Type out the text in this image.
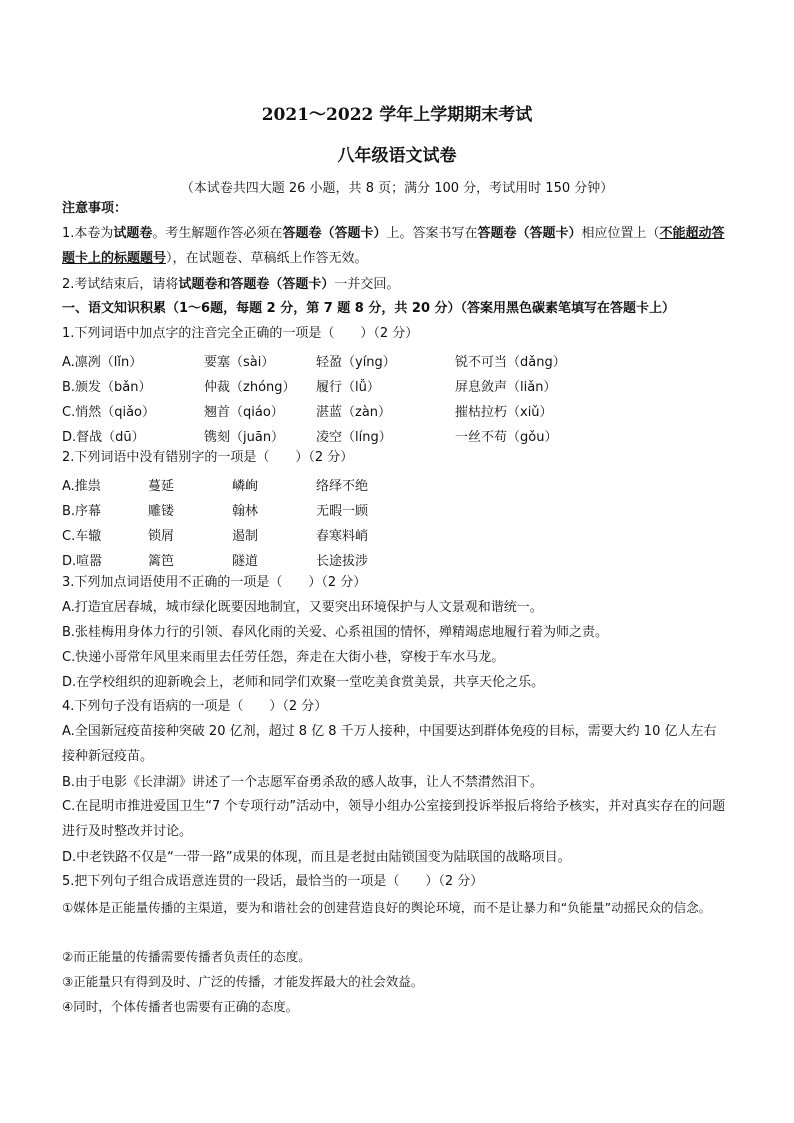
2021～2022 学年上学期期末考试
八年级语文试卷
（本试卷共四大题 26 小题，共 8 页；满分 100 分，考试用时 150 分钟）
注意事项：
1.本卷为试题卷。考生解题作答必须在答题卷（答题卡）上。答案书写在答题卷（答题卡）相应位置上（不能超动答题卡上的标题题号），在试题卷、草稿纸上作答无效。
2.考试结束后，请将试题卷和答题卷（答题卡）一并交回。
一、语文知识积累（1～6题，每题 2 分，第 7 题 8 分，共 20 分）（答案用黑色碳素笔填写在答题卡上）
1.下列词语中加点字的注音完全正确的一项是（　　）（2 分）
A.凛冽（lǐn）	要塞（sài）	轻盈（yíng）	锐不可当（dǎng）
B.颁发（bǎn）	仲裁（zhóng） 履行（lǚ）	屏息敛声（liǎn）
C.悄然（qiǎo）	翘首（qiáo） 湛蓝（zàn）	摧枯拉朽（xiǔ）
D.督战（dū）	镌刻（juān） 凌空（líng）	一丝不苟（gǒu）
2.下列词语中没有错别字的一项是（　　）（2 分）
A.推祟	蔓延	嶙峋	络绎不绝
B.序幕	雕镂	翰林	无暇一顾
C.车辙	锁屑	遏制	春寒料峭
D.喧嚣	篱笆	隧道	长途拔涉
3.下列加点词语使用不正确的一项是（　　）（2 分）
A.打造宜居春城，城市绿化既要因地制宜，又要突出环境保护与人文景观和谐统一。
B.张桂梅用身体力行的引领、春风化雨的关爱、心系祖国的情怀，殚精竭虑地履行着为师之责。
C.快递小哥常年风里来雨里去任劳任怨，奔走在大街小巷，穿梭于车水马龙。
D.在学校组织的迎新晚会上，老师和同学们欢聚一堂吃美食赏美景，共享天伦之乐。
4.下列句子没有语病的一项是（　　）（2 分）
A.全国新冠疫苗接种突破 20 亿剂，超过 8 亿 8 千万人接种，中国要达到群体免疫的目标，需要大约 10 亿人左右接种新冠疫苗。
B.由于电影《长津湖》讲述了一个志愿军奋勇杀敌的感人故事，让人不禁潸然泪下。
C.在昆明市推进爱国卫生“7 个专项行动”活动中，领导小组办公室接到投诉举报后将给予核实，并对真实存在的问题进行及时整改并讨论。
D.中老铁路不仅是“一带一路”成果的体现，而且是老挝由陆锁国变为陆联国的战略项目。
5.把下列句子组合成语意连贯的一段话，最恰当的一项是（　　）（2 分）
①媒体是正能量传播的主渠道，要为和谐社会的创建营造良好的舆论环境，而不是让暴力和“负能量”动摇民众的信念。
②而正能量的传播需要传播者负责任的态度。
③正能量只有得到及时、广泛的传播，才能发挥最大的社会效益。
④同时，个体传播者也需要有正确的态度。
